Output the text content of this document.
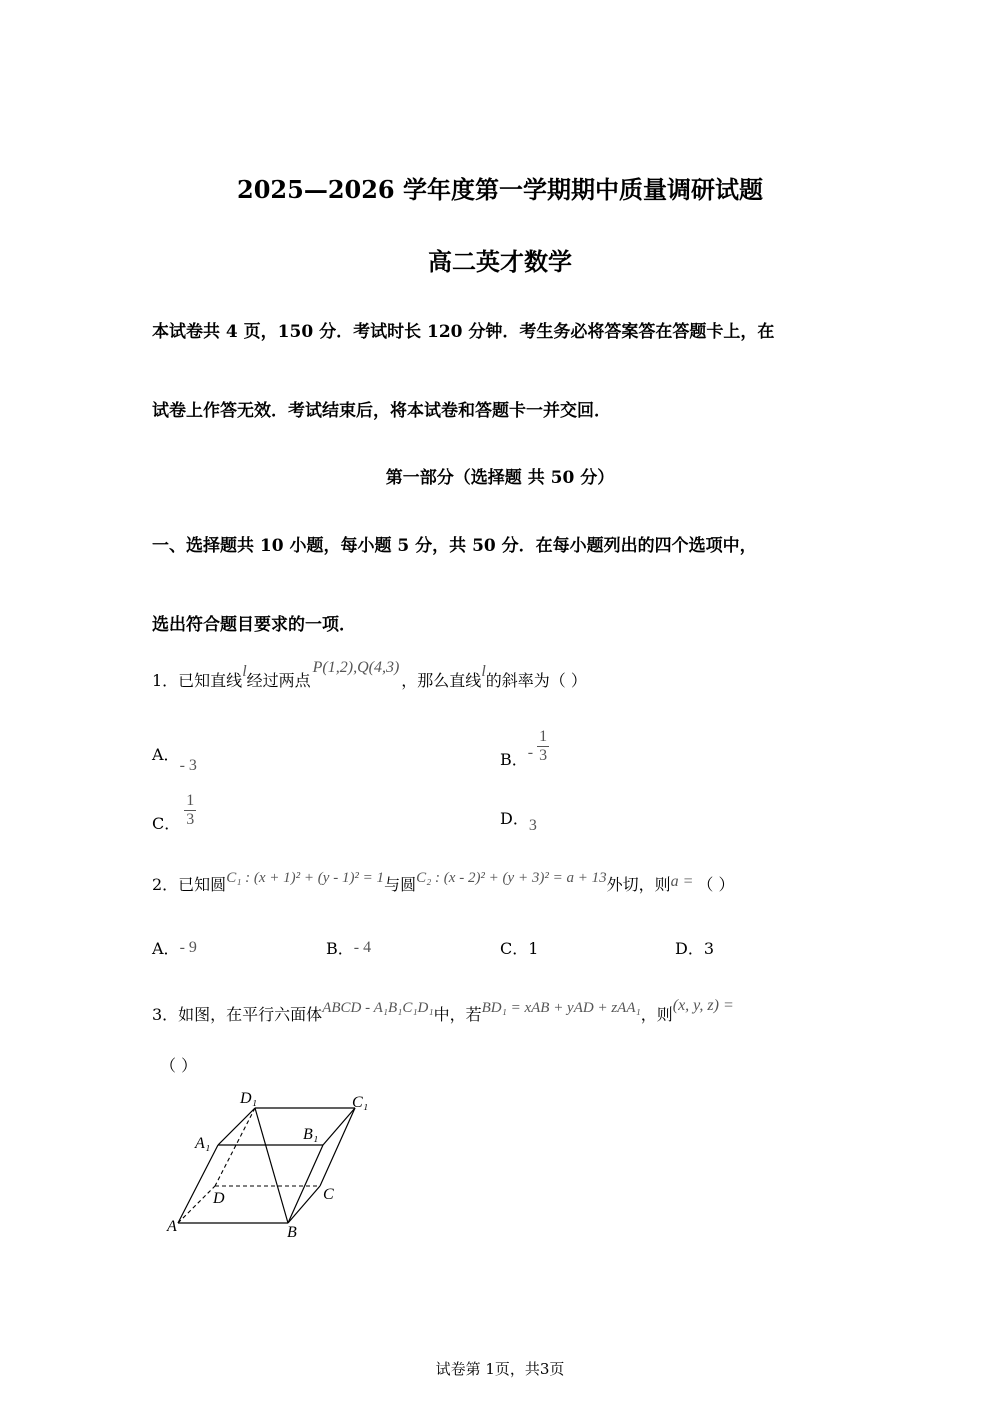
2025—2026 学年度第一学期期中质量调研试题
高二英才数学
本试卷共 4 页，150 分．考试时长 120 分钟．考生务必将答案答在答题卡上，在
试卷上作答无效．考试结束后，将本试卷和答题卡一并交回．
第一部分（选择题 共 50 分）
一、选择题共 10 小题，每小题 5 分，共 50 分．在每小题列出的四个选项中，
选出符合题目要求的一项．
1．已知直线l经过两点P(1,2),Q(4,3)，那么直线l的斜率为（ ）
A．- 3	B．- $\frac{1}{3}$
C． $\frac{1}{3}$	D．3
2．已知圆C₁ : (x + 1)² + (y - 1)² = 1与圆C₂ : (x - 2)² + (y + 3)² = a + 13外切，则a = （ ）
A．- 9	B．- 4	C．1	D．3
3．如图，在平行六面体ABCD - A₁B₁C₁D₁中，若BD₁ = xAB + yAD + zAA₁，则(x, y, z) =
（ ）
D₁	C₁
A₁
B₁
D	C
A	B
试卷第 1页，共3页
